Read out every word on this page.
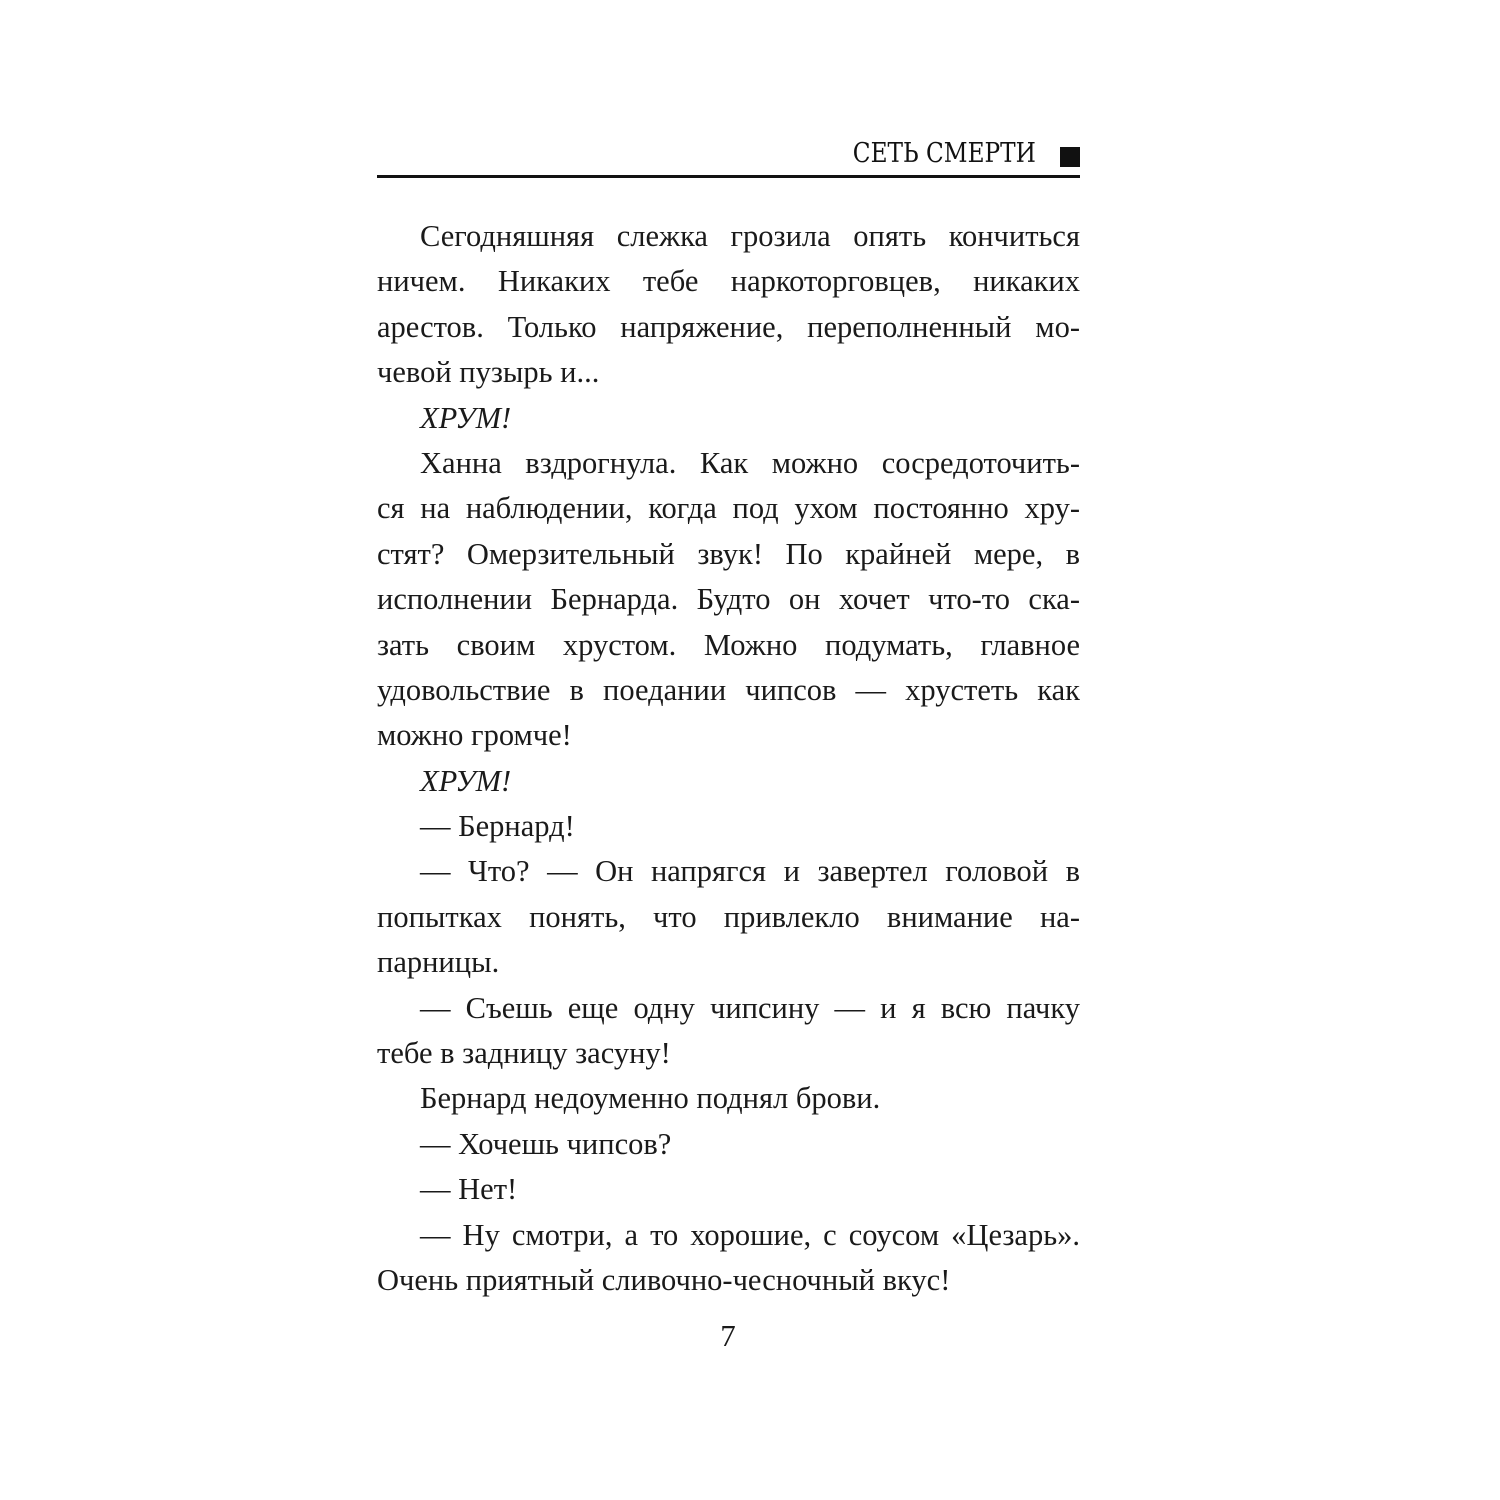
СЕТЬ СМЕРТИ
Сегодняшняя слежка грозила опять кончиться
ничем. Никаких тебе наркоторговцев, никаких
арестов. Только напряжение, переполненный мо-
чевой пузырь и...
ХРУМ!
Ханна вздрогнула. Как можно сосредоточить-
ся на наблюдении, когда под ухом постоянно хру-
стят? Омерзительный звук! По крайней мере, в
исполнении Бернарда. Будто он хочет что-то ска-
зать своим хрустом. Можно подумать, главное
удовольствие в поедании чипсов — хрустеть как
можно громче!
ХРУМ!
— Бернард!
— Что? — Он напрягся и завертел головой в
попытках понять, что привлекло внимание на-
парницы.
— Съешь еще одну чипсину — и я всю пачку
тебе в задницу засуну!
Бернард недоуменно поднял брови.
— Хочешь чипсов?
— Нет!
— Ну смотри, а то хорошие, с соусом «Цезарь».
Очень приятный сливочно-чесночный вкус!
7
